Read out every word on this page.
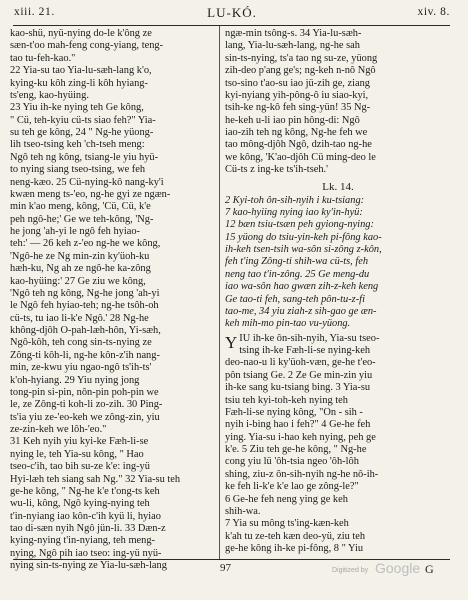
xiii. 21.	LU-KÓ.	xiv. 8.
kao-shü, nyü-nying do-le k'ông ze
sæn-t'oo mah-feng cong-yiang, teng-
tao tu-feh-kao."
22 Yia-su tao Yia-lu-sæh-lang k'o,
kying-ku kôh zing-li kôh hyiang-
ts'eng, kao-hyüing.
23 Yiu ih-ke nying teh Ge kông,
" Cü, teh-kyiu cü-ts siao feh?" Yia-
su teh ge kông, 24 " Ng-he yüong-
lih tseo-tsing keh 'ch-tseh meng:
Ngô teh ng kông, tsiang-le yiu hyü-
to nying siang tseo-tsing, we feh
neng-kæo. 25 Cü-nying-kô nang-ky'i
kwæn meng ts-'eo, ng-he gyi ze ngæn-
min k'ao meng, kông, 'Cü, Cü, k'e
peh ngô-he;' Ge we teh-kông, 'Ng-
he jong 'ah-yi le ngô feh hyiao-
teh:' — 26 keh z-'eo ng-he we kông,
'Ngô-he ze Ng min-zin ky'üoh-ku
hæh-ku, Ng ah ze ngô-he ka-zông
kao-hyüing:' 27 Ge ziu we kông,
'Ngô teh ng kông, Ng-he jong 'ah-yi
le Ngô feh hyiao-teh; ng-he tsôh-oh
cü-ts, tu iao li-k'e Ngô.' 28 Ng-he
không-djôh O-pah-læh-hôn, Yi-sæh,
Ngô-kôh, teh cong sin-ts-nying ze
Zông-ti kôh-li, ng-he kôn-z'ih nang-
min, ze-kwu yiu ngao-ngô ts'ih-ts'
k'oh-hyiang. 29 Yiu nying jong
tong-pin si-pin, nôn-pin poh-pin we
le, ze Zông-ti koh-li zo-zih. 30 Ping-
ts'ia yiu ze-'eo-keh we zông-zin, yiu
ze-zin-keh we lôh-'eo."
31 Keh nyih yiu kyi-ke Fæh-li-se
nying le, teh Yia-su kông, " Hao
tseo-c'ih, tao bih su-ze k'e: ing-yü
Hyi-læh teh siang sah Ng." 32 Yia-su teh
ge-he kông, " Ng-he k'e t'ong-ts keh
wu-li, kông, Ngô kying-nying teh
t'in-nyiang iao kôn-c'ih kyü li, hyiao
tao di-sæn nyih Ngô jün-li. 33 Dæn-z
kying-nying t'in-nyiang, teh meng-
nying, Ngô pih iao tseo: ing-yü nyü-
nying sin-ts-nying ze Yia-lu-sæh-lang
ngæ-min tsông-s. 34 Yia-lu-sæh-
lang, Yia-lu-sæh-lang, ng-he sah
sin-ts-nying, ts'a tao ng su-ze, yüong
zih-deo p'ang ge's; ng-keh n-nô Ngô
tso-sino t'ao-su iao jü-zih ge, ziang
kyi-nyiang yih-pông-ô iu siao-kyi,
tsih-ke ng-kô feh sing-yün! 35 Ng-
he-keh u-li iao pin hông-di: Ngô
iao-zih teh ng kông, Ng-he feh we
tao mông-djôh Ngô, dzih-tao ng-he
we kông, 'K'ao-djôh Cü ming-deo le
Cü-ts z ing-ke ts'ih-tseh.'
Lk. 14.
2 Kyi-toh ôn-sih-nyih i ku-tsiang:
7 kao-hyiing nying iao ky'in-hyü:
12 bæn tsiu-tsæn peh gyiong-nying:
15 yüong do tsiu-yin-keh pi-fông kao-
ih-keh tsen-tsih wa-sôn si-zông z-kôn,
feh t'ing Zông-ti shih-wa cü-ts, feh
neng tao t'in-zông. 25 Ge meng-du
iao wa-sôn hao gwæn zih-z-keh keng
Ge tao-ti feh, sang-teh pôn-tu-z-fi
tao-me, 34 yiu ziah-z sih-gao ge æn-
keh mih-mo pin-tao vu-yüong.
Y IU ih-ke ôn-sih-nyih, Yia-su tseo-
tsing ih-ke Fæh-li-se nying-keh
deo-nao-u li ky'üoh-væn, ge-he t'eo-
pôn tsiang Ge. 2 Ze Ge min-zin yiu
ih-ke sang ku-tsiang bing. 3 Yia-su
tsiu teh kyi-toh-keh nying teh
Fæh-li-se nying kông, "Ôn - sih -
nyih i-bing hao i feh?" 4 Ge-he feh
ying. Yia-su i-hao keh nying, peh ge
k'e. 5 Ziu teh ge-he kông, " Ng-he
cong yiu lü 'ôh-tsia ngeo 'ôh-lôh
shing, ziu-z ôn-sih-nyih ng-he nô-ih-
ke feh li-k'e k'e lao ge zông-le?"
6 Ge-he feh neng ying ge keh
shih-wa.
7 Yia su mông ts'ing-kæn-keh
k'ah tu ze-teh kæn deo-yü, ziu teh
ge-he kông ih-ke pi-fông, 8 " Yiu
97	Digitized by Google G
